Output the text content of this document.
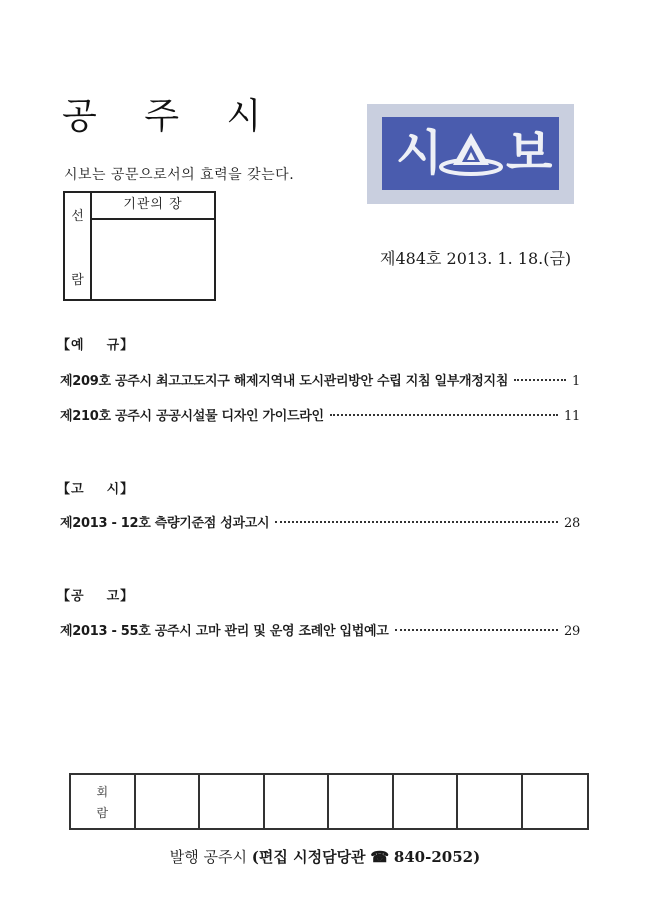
공 주 시
시보는 공문으로서의 효력을 갖는다.
선
람
기관의 장
시 보
제484호 2013. 1. 18.(금)
【예 규】
제209호 공주시 최고고도지구 해제지역내 도시관리방안 수립 지침 일부개정지침	1
제210호 공주시 공공시설물 디자인 가이드라인	11
【고 시】
제2013 - 12호 측량기준점 성과고시	28
【공 고】
제2013 - 55호 공주시 고마 관리 및 운영 조례안 입법예고	29
회
람
발행 공주시 (편집 시정담당관 ☎ 840-2052)
